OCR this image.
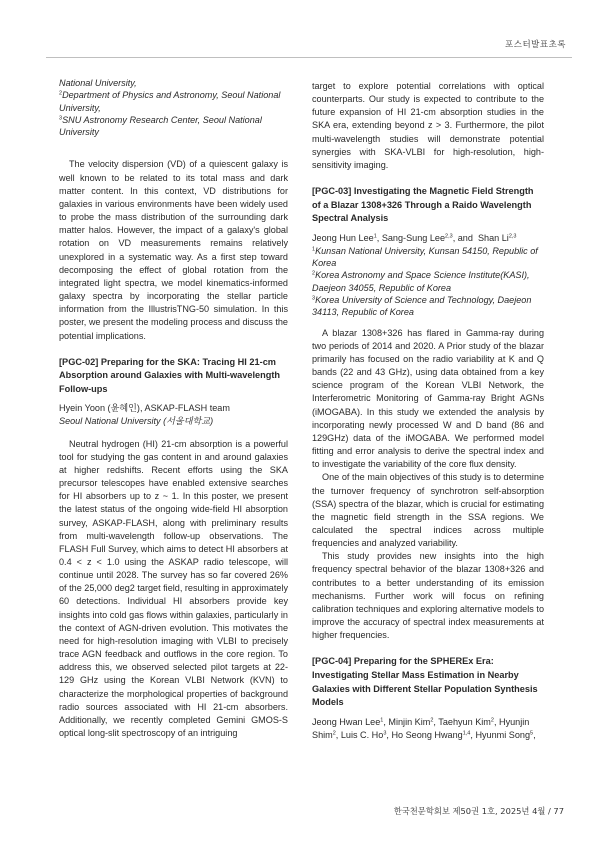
포스터발표초록

National University,

$^2$Department of Physics and Astronomy, Seoul National University,

$^3$SNU Astronomy Research Center, Seoul National University

The velocity dispersion (VD) of a quiescent galaxy is well known to be related to its total mass and dark matter content. In this context, VD distributions for galaxies in various environments have been widely used to probe the mass distribution of the surrounding dark matter halos. However, the impact of a galaxy's global rotation on VD measurements remains relatively unexplored in a systematic way. As a first step toward decomposing the effect of global rotation from the integrated light spectra, we model kinematics-informed galaxy spectra by incorporating the stellar particle information from the IllustrisTNG-50 simulation. In this poster, we present the modeling process and discuss the potential implications.

[PGC-02] Preparing for the SKA: Tracing HI 21-cm Absorption around Galaxies with Multi-wavelength Follow-ups

Hyein Yoon (윤혜인), ASKAP-FLASH team

Seoul National University (서울대학교)

Neutral hydrogen (HI) 21-cm absorption is a powerful tool for studying the gas content in and around galaxies at higher redshifts. Recent efforts using the SKA precursor telescopes have enabled extensive searches for HI absorbers up to z ~ 1. In this poster, we present the latest status of the ongoing wide-field HI absorption survey, ASKAP-FLASH, along with preliminary results from multi-wavelength follow-up observations. The FLASH Full Survey, which aims to detect HI absorbers at 0.4 < z < 1.0 using the ASKAP radio telescope, will continue until 2028. The survey has so far covered 26% of the 25,000 deg2 target field, resulting in approximately 60 detections. Individual HI absorbers provide key insights into cold gas flows within galaxies, particularly in the context of AGN-driven evolution. This motivates the need for high-resolution imaging with VLBI to precisely trace AGN feedback and outflows in the core region. To address this, we observed selected pilot targets at 22-129 GHz using the Korean VLBI Network (KVN) to characterize the morphological properties of background radio sources associated with HI 21-cm absorbers. Additionally, we recently completed Gemini GMOS-S optical long-slit spectroscopy of an intriguing

target to explore potential correlations with optical counterparts. Our study is expected to contribute to the future expansion of HI 21-cm absorption studies in the SKA era, extending beyond z > 3. Furthermore, the pilot multi-wavelength studies will demonstrate potential synergies with SKA-VLBI for high-resolution, high-sensitivity imaging.

[PGC-03] Investigating the Magnetic Field Strength of a Blazar 1308+326 Through a Raido Wavelength Spectral Analysis

Jeong Hun Lee$^1$, Sang-Sung Lee$^{2,3}$, and  Shan Li$^{2,3}$

$^1$Kunsan National University, Kunsan 54150, Republic of Korea

$^2$Korea Astronomy and Space Science Institute(KASI), Daejeon 34055, Republic of Korea

$^3$Korea University of Science and Technology, Daejeon 34113, Republic of Korea

A blazar 1308+326 has flared in Gamma-ray during two periods of 2014 and 2020. A Prior study of the blazar primarily has focused on the radio variability at K and Q bands (22 and 43 GHz), using data obtained from a key science program of the Korean VLBI Network, the Interferometric Monitoring of Gamma-ray Bright AGNs (iMOGABA). In this study we extended the analysis by incorporating newly processed W and D band (86 and 129GHz) data of the iMOGABA. We performed model fitting and error analysis to derive the spectral index and to investigate the variability of the core flux density.

One of the main objectives of this study is to determine the turnover frequency of synchrotron self-absorption (SSA) spectra of the blazar, which is crucial for estimating the magnetic field strength in the SSA regions. We calculated the spectral indices across multiple frequencies and analyzed variability.

This study provides new insights into the high frequency spectral behavior of the blazar 1308+326 and contributes to a better understanding of its emission mechanisms. Further work will focus on refining calibration techniques and exploring alternative models to improve the accuracy of spectral index measurements at higher frequencies.

[PGC-04] Preparing for the SPHEREx Era: Investigating Stellar Mass Estimation in Nearby Galaxies with Different Stellar Population Synthesis Models

Jeong Hwan Lee$^1$, Minjin Kim$^2$, Taehyun Kim$^2$, Hyunjin Shim$^2$, Luis C. Ho$^3$, Ho Seong Hwang$^{1,4}$, Hyunmi Song$^5$,

한국천문학회보 제50권 1호, 2025년 4월 / 77
